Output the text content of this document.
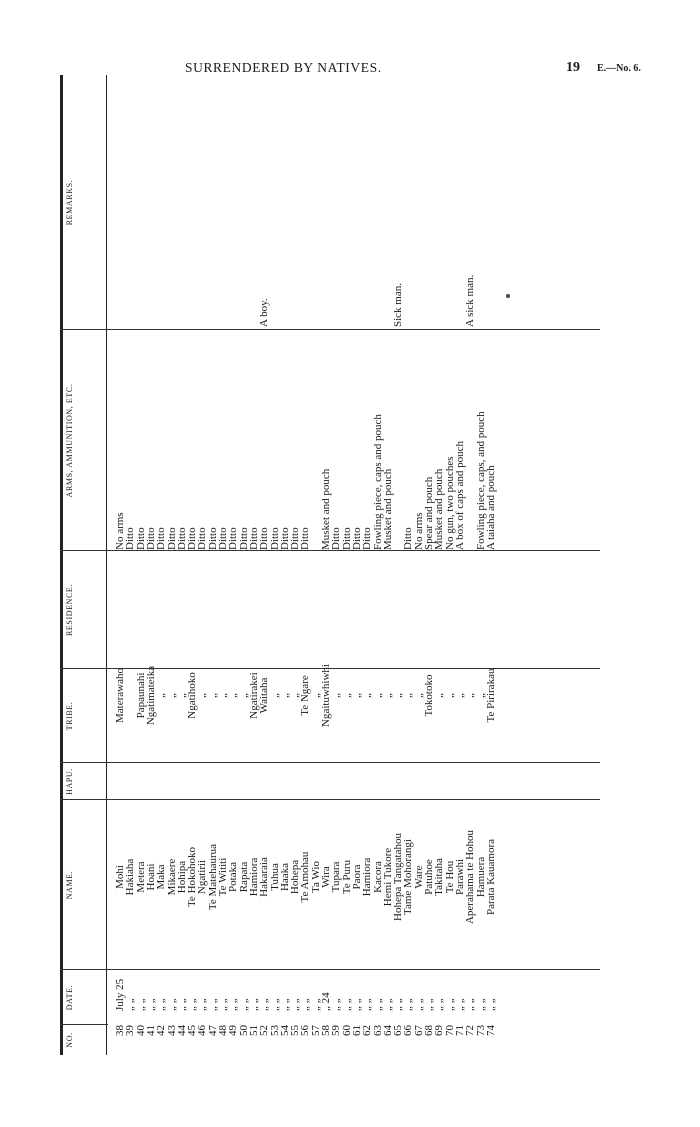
SURRENDERED BY NATIVES.	19 E.—No. 6.
NO.
DATE.
NAME.
HAPU.
TRIBE.
RESIDENCE.
ARMS, AMMUNITION, ETC.
REMARKS.
38
July 25
Mohi
Materawaho
No arms
39
„ „
Hakiaha
Ditto
40
„ „
Metera
Papaunahi
Ditto
41
„ „
Hoani
Ngatimateika
Ditto
42
„ „
Maka
„
Ditto
43
„ „
Mikaere
„
Ditto
44
„ „
Hohipa
„
Ditto
45
„ „
Te Hokohoko
Ngatihoko
Ditto
46
„ „
Ngatirii
„
Ditto
47
„ „
Te Matehaurua
„
Ditto
48
„ „
Te Wititi
„
Ditto
49
„ „
Potaka
„
Ditto
50
„ „
Rapata
„
Ditto
51
„ „
Hamiora
Ngatirakei
Ditto
52
„ „
Hakaraia
Waitaha
Ditto
A boy.
53
„ „
Tuhua
„
Ditto
54
„ „
Haaka
„
Ditto
55
„ „
Hohepa
„
Ditto
56
„ „
Te Amohau
Te Ngare
Ditto
57
„ „
Ta Wio
„
58
„ 24
Wira
Ngaituwhiwhi
Musket and pouch
59
„ „
Tupara
„
Ditto
60
„ „
Te Puru
„
Ditto
61
„ „
Paora
„
Ditto
62
„ „
Hamiora
„
Ditto
63
„ „
Kacora
„
Fowling piece, caps and pouch
64
„ „
Hemi Tukore
„
Musket and pouch
65
„ „
Hohepa Tangatahou
„
Sick man.
66
„ „
Tame Mohorangi
„
Ditto
67
„ „
Ware
„
No arms
68
„ „
Patuhoe
Tokotoko
Spear and pouch
69
„ „
Takitaha
„
Musket and pouch
70
„ „
Te Hou
„
No gun, two pouches
71
„ „
Parawhi
„
A box of caps and pouch
72
„ „
Aperahama te Hohou
„
A sick man.
73
„ „
Hamuera
„
Fowling piece, caps, and pouch
74
„ „
Parata Kauamora
Te Pirirakau
A taiaha and pouch
